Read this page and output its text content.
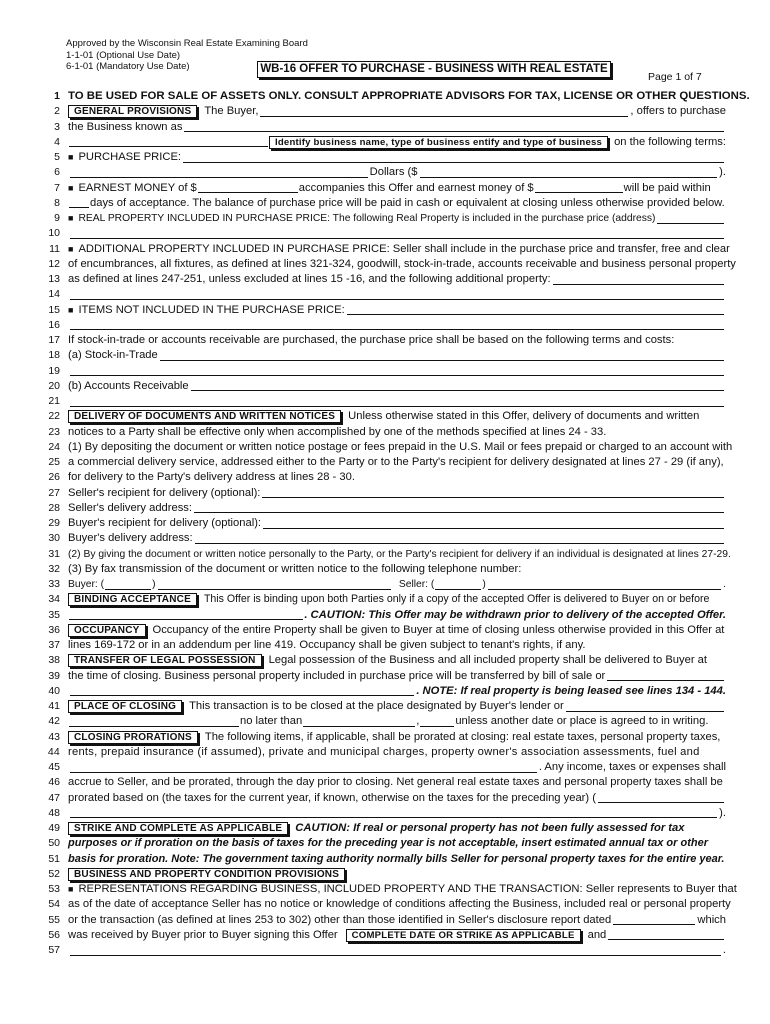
Approved by the Wisconsin Real Estate Examining Board
1-1-01 (Optional Use Date)
6-1-01 (Mandatory Use Date)	WB-16 OFFER TO PURCHASE - BUSINESS WITH REAL ESTATE
Page 1 of 7
1 TO BE USED FOR SALE OF ASSETS ONLY. CONSULT APPROPRIATE ADVISORS FOR TAX, LICENSE OR OTHER QUESTIONS.
2	GENERAL PROVISIONS	The Buyer,	, offers to purchase
3 the Business known as
4	Identify business name, type of business entify and type of business	on the following terms:
5 ■ PURCHASE PRICE:
6	Dollars ($	).
7 ■ EARNEST MONEY of $	accompanies this Offer and earnest money of $	will be paid within
8	days of acceptance. The balance of purchase price will be paid in cash or equivalent at closing unless otherwise provided below.
9 ■ REAL PROPERTY INCLUDED IN PURCHASE PRICE: The following Real Property is included in the purchase price (address)
10
11 ■ ADDITIONAL PROPERTY INCLUDED IN PURCHASE PRICE: Seller shall include in the purchase price and transfer, free and clear
12 of encumbrances, all fixtures, as defined at lines 321-324, goodwill, stock-in-trade, accounts receivable and business personal property
13 as defined at lines 247-251, unless excluded at lines 15 -16, and the following additional property:
14
15 ■ ITEMS NOT INCLUDED IN THE PURCHASE PRICE:
16
17 If stock-in-trade or accounts receivable are purchased, the purchase price shall be based on the following terms and costs:
18 (a) Stock-in-Trade
19
20 (b) Accounts Receivable
21
22	DELIVERY OF DOCUMENTS AND WRITTEN NOTICES	Unless otherwise stated in this Offer, delivery of documents and written
23 notices to a Party shall be effective only when accomplished by one of the methods specified at lines 24 - 33.
24 (1) By depositing the document or written notice postage or fees prepaid in the U.S. Mail or fees prepaid or charged to an account with
25 a commercial delivery service, addressed either to the Party or to the Party's recipient for delivery designated at lines 27 - 29 (if any),
26 for delivery to the Party's delivery address at lines 28 - 30.
27 Seller's recipient for delivery (optional):
28 Seller's delivery address:
29 Buyer's recipient for delivery (optional):
30 Buyer's delivery address:
31 (2) By giving the document or written notice personally to the Party, or the Party's recipient for delivery if an individual is designated at lines 27-29.
32 (3) By fax transmission of the document or written notice to the following telephone number:
33 Buyer: (	)	Seller: (	)	.
34	BINDING ACCEPTANCE	This Offer is binding upon both Parties only if a copy of the accepted Offer is delivered to Buyer on or before
35	. CAUTION: This Offer may be withdrawn prior to delivery of the accepted Offer.
36	OCCUPANCY	Occupancy of the entire Property shall be given to Buyer at time of closing unless otherwise provided in this Offer at
37 lines 169-172 or in an addendum per line 419. Occupancy shall be given subject to tenant's rights, if any.
38	TRANSFER OF LEGAL POSSESSION	Legal possession of the Business and all included property shall be delivered to Buyer at
39 the time of closing. Business personal property included in purchase price will be transferred by bill of sale or
40	. NOTE: If real property is being leased see lines 134 - 144.
41	PLACE OF CLOSING	This transaction is to be closed at the place designated by Buyer's lender or
42	no later than	,	unless another date or place is agreed to in writing.
43	CLOSING PRORATIONS	The following items, if applicable, shall be prorated at closing: real estate taxes, personal property taxes,
44 rents, prepaid insurance (if assumed), private and municipal charges, property owner's association assessments, fuel and
45	. Any income, taxes or expenses shall
46 accrue to Seller, and be prorated, through the day prior to closing. Net general real estate taxes and personal property taxes shall be
47 prorated based on (the taxes for the current year, if known, otherwise on the taxes for the preceding year) (
48	).
49	STRIKE AND COMPLETE AS APPLICABLE	CAUTION: If real or personal property has not been fully assessed for tax
50 purposes or if proration on the basis of taxes for the preceding year is not acceptable, insert estimated annual tax or other
51 basis for proration. Note: The government taxing authority normally bills Seller for personal property taxes for the entire year.
52	BUSINESS AND PROPERTY CONDITION PROVISIONS
53 ■ REPRESENTATIONS REGARDING BUSINESS, INCLUDED PROPERTY AND THE TRANSACTION: Seller represents to Buyer that
54 as of the date of acceptance Seller has no notice or knowledge of conditions affecting the Business, included real or personal property
55 or the transaction (as defined at lines 253 to 302) other than those identified in Seller's disclosure report dated	which
56 was received by Buyer prior to Buyer signing this Offer	COMPLETE DATE OR STRIKE AS APPLICABLE	and
57	.
